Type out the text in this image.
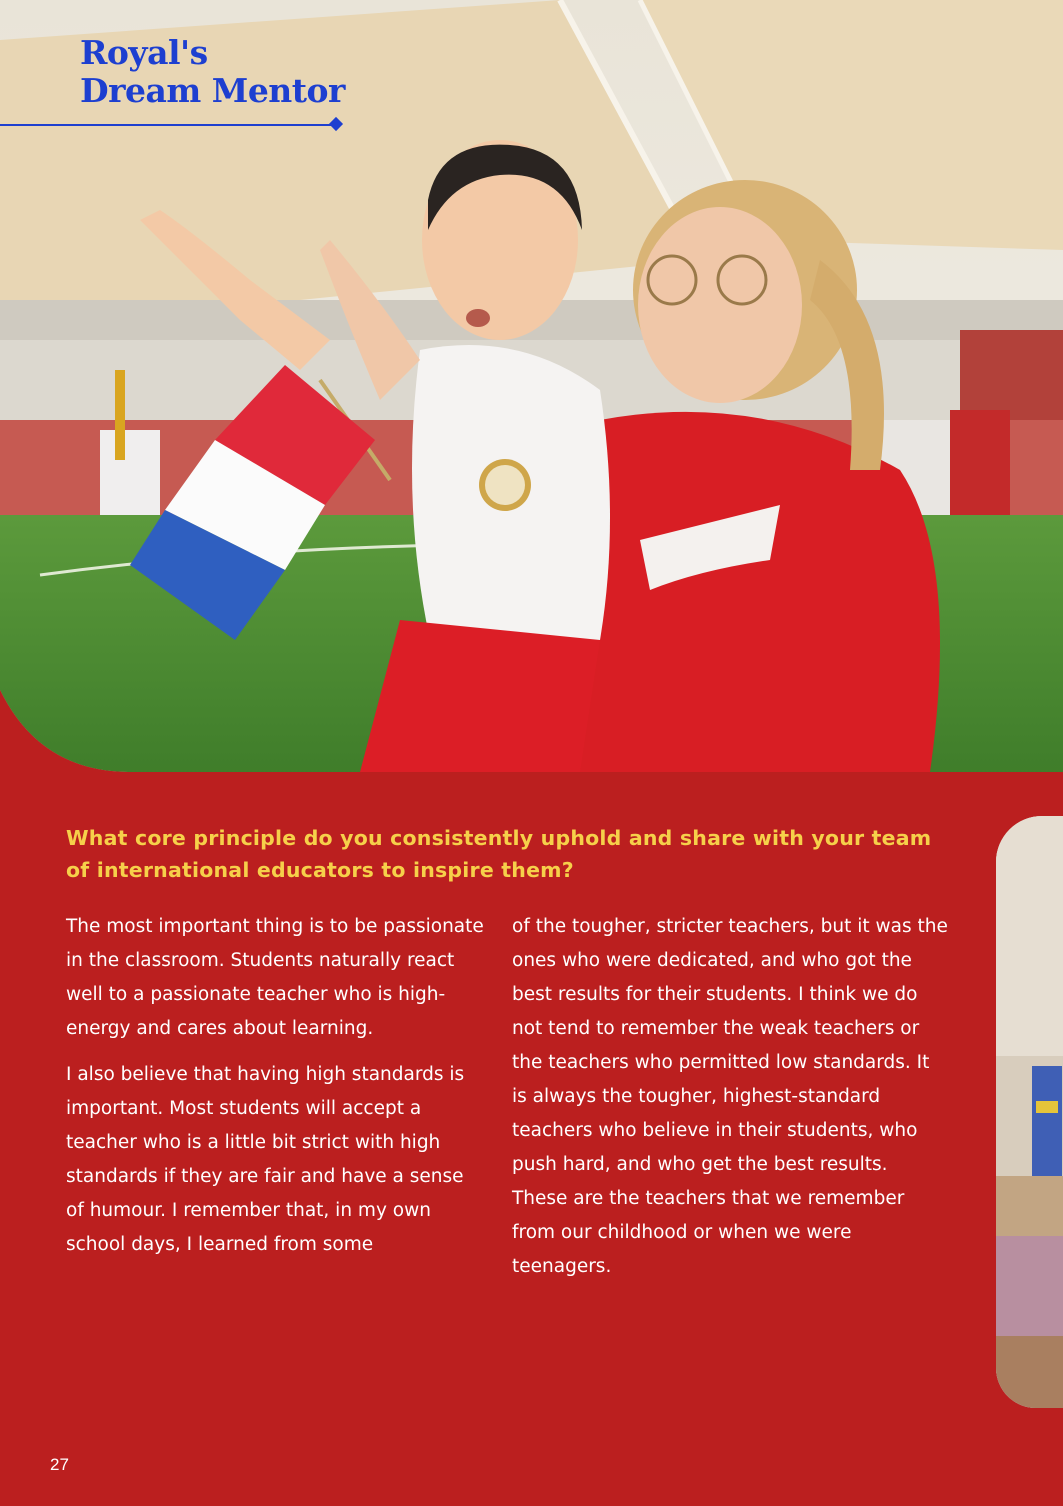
Royal's
Dream Mentor
What core principle do you consistently uphold and share with your team of international educators to inspire them?

The most important thing is to be passionate in the classroom. Students naturally react well to a passionate teacher who is high-energy and cares about learning.

I also believe that having high standards is important. Most students will accept a teacher who is a little bit strict with high standards if they are fair and have a sense of humour. I remember that, in my own school days, I learned from some

of the tougher, stricter teachers, but it was the ones who were dedicated, and who got the best results for their students. I think we do not tend to remember the weak teachers or the teachers who permitted low standards. It is always the tougher, highest-standard teachers who believe in their students, who push hard, and who get the best results. These are the teachers that we remember from our childhood or when we were teenagers.

27
